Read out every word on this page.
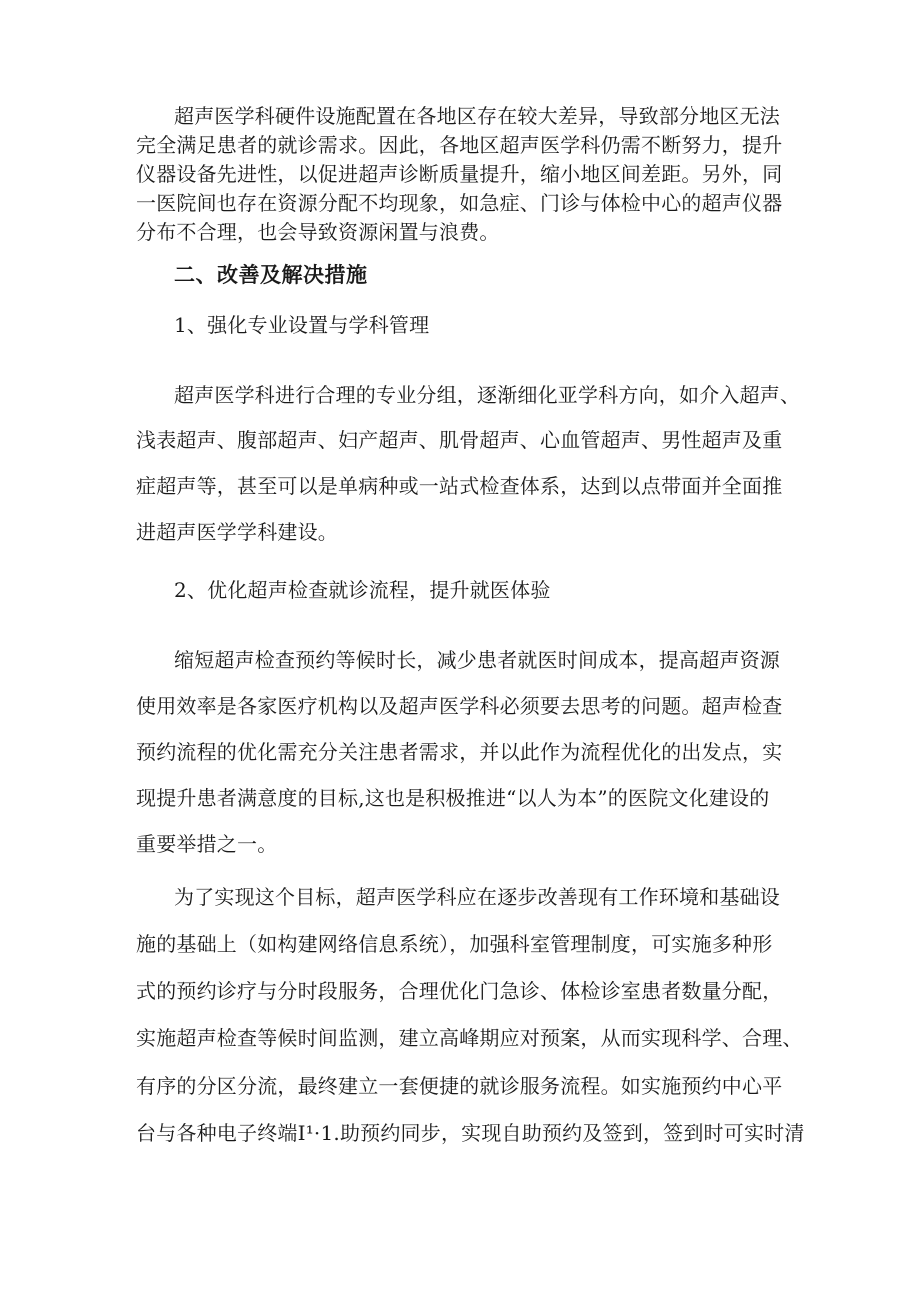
超声医学科硬件设施配置在各地区存在较大差异，导致部分地区无法
完全满足患者的就诊需求。因此，各地区超声医学科仍需不断努力，提升
仪器设备先进性，以促进超声诊断质量提升，缩小地区间差距。另外，同
一医院间也存在资源分配不均现象，如急症、门诊与体检中心的超声仪器
分布不合理，也会导致资源闲置与浪费。
二、改善及解决措施
1、强化专业设置与学科管理
超声医学科进行合理的专业分组，逐渐细化亚学科方向，如介入超声、
浅表超声、腹部超声、妇产超声、肌骨超声、心血管超声、男性超声及重
症超声等，甚至可以是单病种或一站式检查体系，达到以点带面并全面推
进超声医学学科建设。
2、优化超声检查就诊流程，提升就医体验
缩短超声检查预约等候时长，减少患者就医时间成本，提高超声资源
使用效率是各家医疗机构以及超声医学科必须要去思考的问题。超声检查
预约流程的优化需充分关注患者需求，并以此作为流程优化的出发点，实
现提升患者满意度的目标,这也是积极推进“以人为本”的医院文化建设的
重要举措之一。
为了实现这个目标，超声医学科应在逐步改善现有工作环境和基础设
施的基础上（如构建网络信息系统），加强科室管理制度，可实施多种形
式的预约诊疗与分时段服务，合理优化门急诊、体检诊室患者数量分配，
实施超声检查等候时间监测，建立高峰期应对预案，从而实现科学、合理、
有序的分区分流，最终建立一套便捷的就诊服务流程。如实施预约中心平
台与各种电子终端I¹·1.助预约同步，实现自助预约及签到，签到时可实时清
